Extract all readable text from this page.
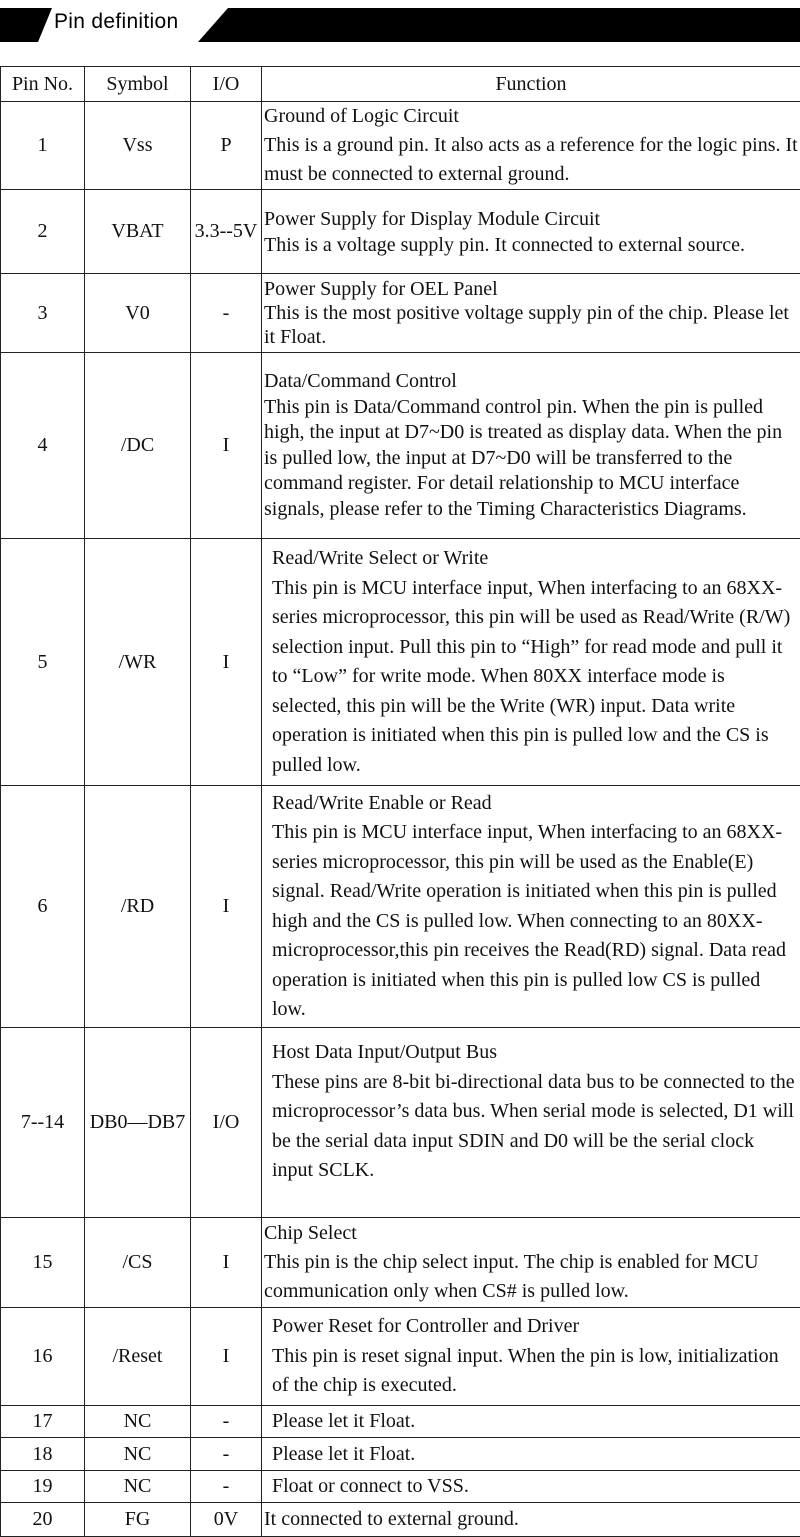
Pin definition
Pin No.	Symbol	I/O	Function
1	Vss	P	Ground of Logic Circuit
This is a ground pin. It also acts as a reference for the logic pins. It must be connected to external ground.

2	VBAT	3.3--5V	Power Supply for Display Module Circuit
This is a voltage supply pin. It connected to external source.

3	V0	-	Power Supply for OEL Panel
This is the most positive voltage supply pin of the chip. Please let it Float.

4	/DC	I	Data/Command Control
This pin is Data/Command control pin. When the pin is pulled high, the input at D7~D0 is treated as display data. When the pin is pulled low, the input at D7~D0 will be transferred to the command register. For detail relationship to MCU interface signals, please refer to the Timing Characteristics Diagrams.

5	/WR	I	Read/Write Select or Write
This pin is MCU interface input, When interfacing to an 68XX-series microprocessor, this pin will be used as Read/Write (R/W) selection input. Pull this pin to “High” for read mode and pull it to “Low” for write mode. When 80XX interface mode is selected, this pin will be the Write (WR) input. Data write operation is initiated when this pin is pulled low and the CS is pulled low.

6	/RD	I	Read/Write Enable or Read
This pin is MCU interface input, When interfacing to an 68XX-series microprocessor, this pin will be used as the Enable(E) signal. Read/Write operation is initiated when this pin is pulled high and the CS is pulled low. When connecting to an 80XX-microprocessor,this pin receives the Read(RD) signal. Data read operation is initiated when this pin is pulled low CS is pulled low.

7--14	DB0—DB7	I/O	Host Data Input/Output Bus
These pins are 8-bit bi-directional data bus to be connected to the microprocessor’s data bus. When serial mode is selected, D1 will be the serial data input SDIN and D0 will be the serial clock input SCLK.

15	/CS	I	Chip Select
This pin is the chip select input. The chip is enabled for MCU communication only when CS# is pulled low.

16	/Reset	I	Power Reset for Controller and Driver
This pin is reset signal input. When the pin is low, initialization of the chip is executed.

17	NC	-	Please let it Float.

18	NC	-	Please let it Float.

19	NC	-	Float or connect to VSS.

20	FG	0V	It connected to external ground.
